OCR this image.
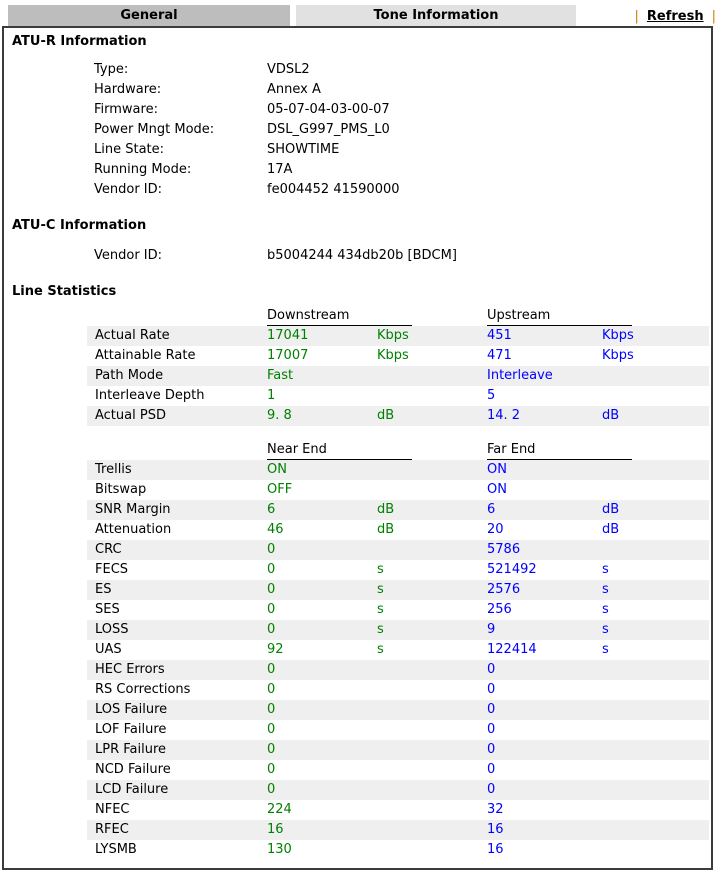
General	Tone Information	| Refresh |
ATU-R Information
Type:	VDSL2
Hardware:	Annex A
Firmware:	05-07-04-03-00-07
Power Mngt Mode:	DSL_G997_PMS_L0
Line State:	SHOWTIME
Running Mode:	17A
Vendor ID:	fe004452 41590000
ATU-C Information
Vendor ID:	b5004244 434db20b [BDCM]
Line Statistics
Downstream	Upstream
Actual Rate	17041	Kbps	451	Kbps
Attainable Rate	17007	Kbps	471	Kbps
Path Mode	Fast	Interleave
Interleave Depth	1	5
Actual PSD	9. 8	dB	14. 2	dB
Near End	Far End
Trellis	ON	ON
Bitswap	OFF	ON
SNR Margin	6	dB	6	dB
Attenuation	46	dB	20	dB
CRC	0	5786
FECS	0	s	521492	s
ES	0	s	2576	s
SES	0	s	256	s
LOSS	0	s	9	s
UAS	92	s	122414	s
HEC Errors	0	0
RS Corrections	0	0
LOS Failure	0	0
LOF Failure	0	0
LPR Failure	0	0
NCD Failure	0	0
LCD Failure	0	0
NFEC	224	32
RFEC	16	16
LYSMB	130	16
